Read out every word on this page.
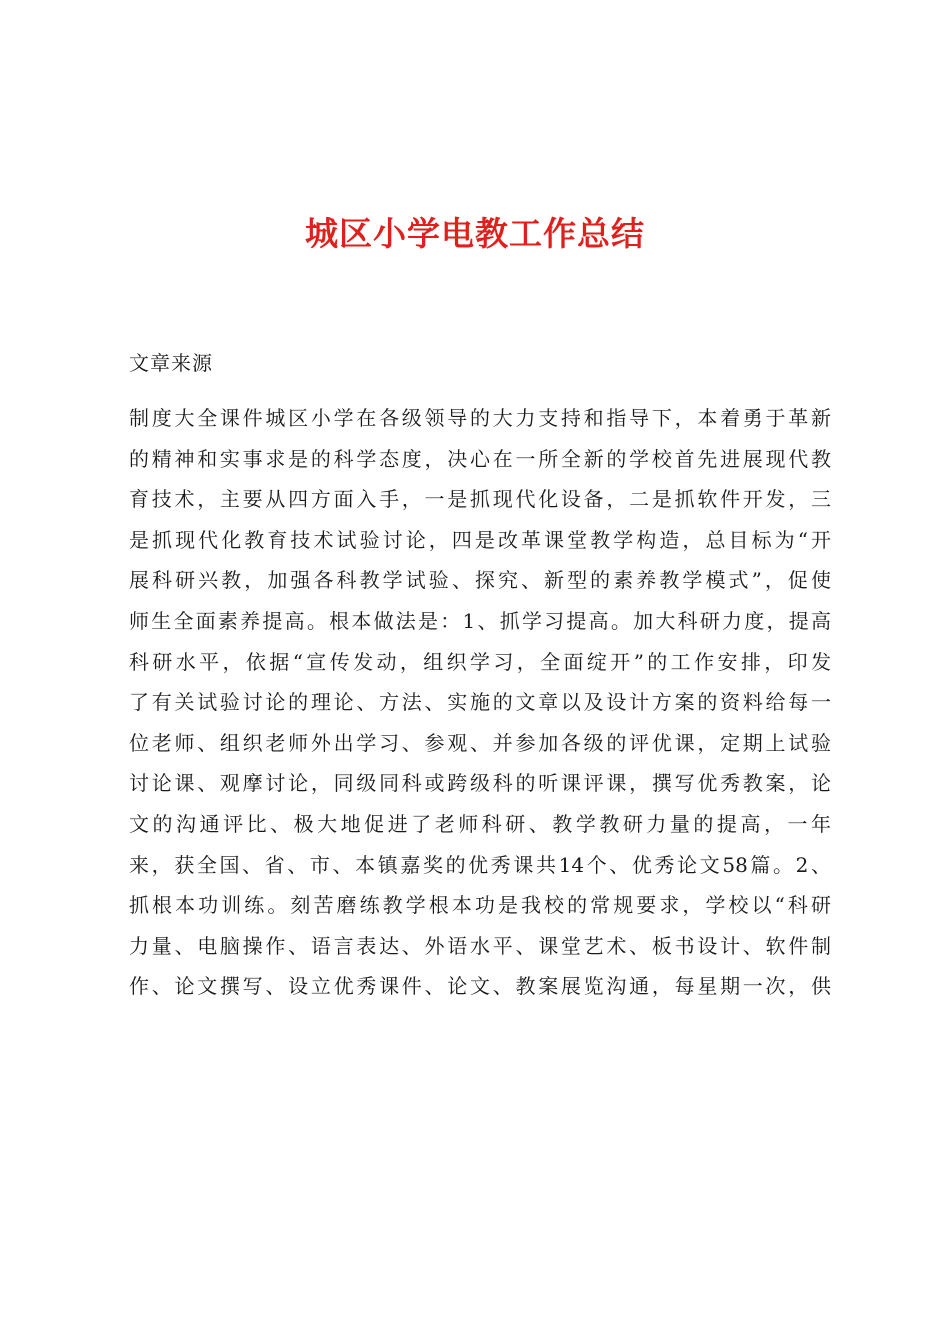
城区小学电教工作总结
文章来源
制度大全课件城区小学在各级领导的大力支持和指导下，本着勇于革新
的精神和实事求是的科学态度，决心在一所全新的学校首先进展现代教
育技术，主要从四方面入手，一是抓现代化设备，二是抓软件开发，三
是抓现代化教育技术试验讨论，四是改革课堂教学构造，总目标为“开
展科研兴教，加强各科教学试验、探究、新型的素养教学模式”，促使
师生全面素养提高。根本做法是：1、抓学习提高。加大科研力度，提高
科研水平，依据“宣传发动，组织学习，全面绽开”的工作安排，印发
了有关试验讨论的理论、方法、实施的文章以及设计方案的资料给每一
位老师、组织老师外出学习、参观、并参加各级的评优课，定期上试验
讨论课、观摩讨论，同级同科或跨级科的听课评课，撰写优秀教案，论
文的沟通评比、极大地促进了老师科研、教学教研力量的提高，一年
来，获全国、省、市、本镇嘉奖的优秀课共14个、优秀论文58篇。2、
抓根本功训练。刻苦磨练教学根本功是我校的常规要求，学校以“科研
力量、电脑操作、语言表达、外语水平、课堂艺术、板书设计、软件制
作、论文撰写、设立优秀课件、论文、教案展览沟通，每星期一次，供
